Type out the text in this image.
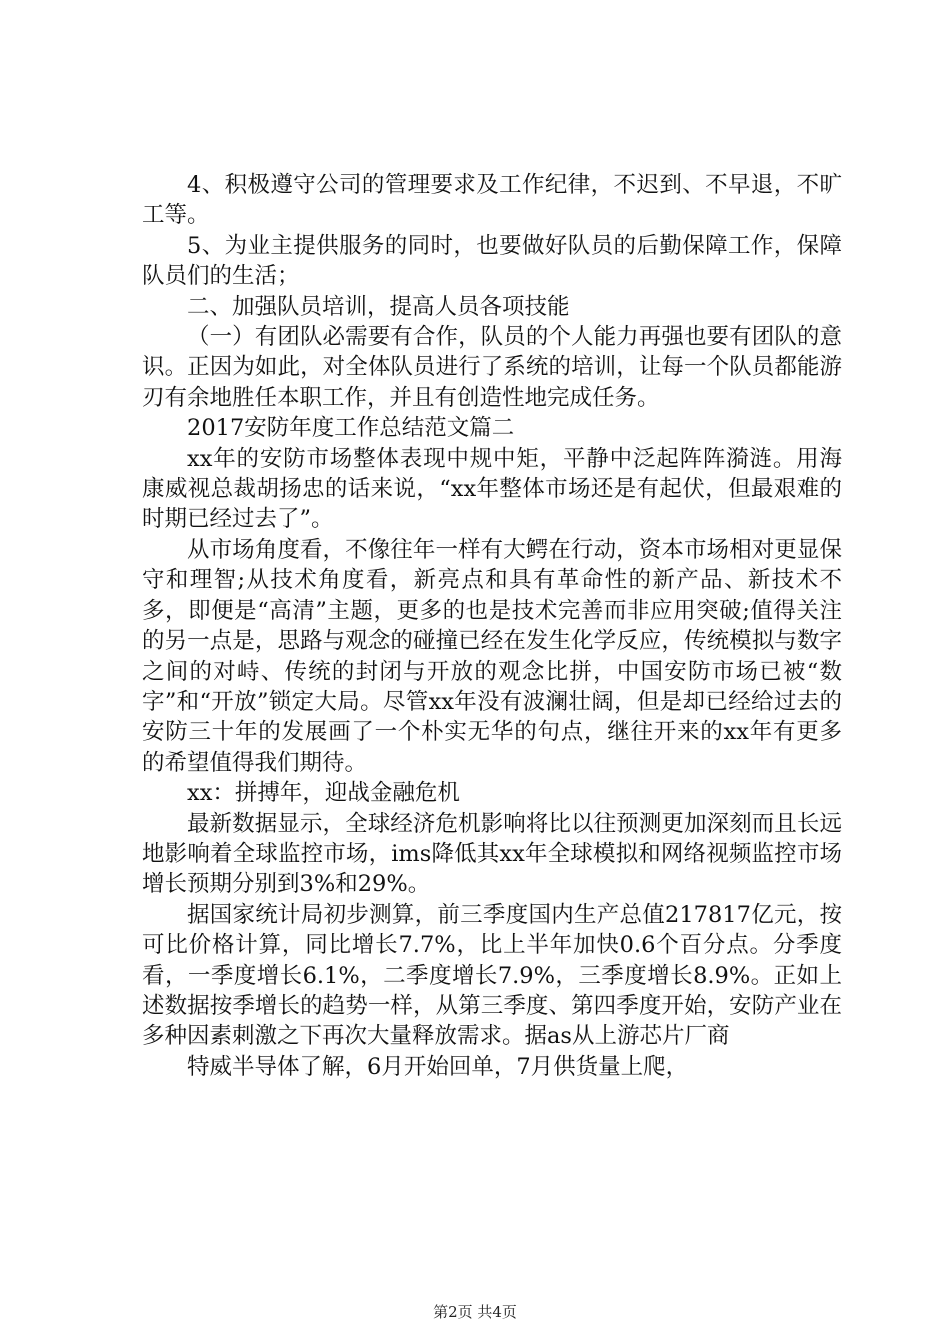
4、积极遵守公司的管理要求及工作纪律，不迟到、不早退，不旷工等。

5、为业主提供服务的同时，也要做好队员的后勤保障工作，保障队员们的生活；

二、加强队员培训，提高人员各项技能

（一）有团队必需要有合作，队员的个人能力再强也要有团队的意识。正因为如此，对全体队员进行了系统的培训，让每一个队员都能游刃有余地胜任本职工作，并且有创造性地完成任务。

2017安防年度工作总结范文篇二

xx年的安防市场整体表现中规中矩，平静中泛起阵阵漪涟。用海康威视总裁胡扬忠的话来说，“xx年整体市场还是有起伏，但最艰难的时期已经过去了”。

从市场角度看，不像往年一样有大鳄在行动，资本市场相对更显保守和理智;从技术角度看，新亮点和具有革命性的新产品、新技术不多，即便是“高清”主题，更多的也是技术完善而非应用突破;值得关注的另一点是，思路与观念的碰撞已经在发生化学反应，传统模拟与数字之间的对峙、传统的封闭与开放的观念比拼，中国安防市场已被“数字”和“开放”锁定大局。尽管xx年没有波澜壮阔，但是却已经给过去的安防三十年的发展画了一个朴实无华的句点，继往开来的xx年有更多的希望值得我们期待。

xx：拼搏年，迎战金融危机

最新数据显示，全球经济危机影响将比以往预测更加深刻而且长远地影响着全球监控市场，ims降低其xx年全球模拟和网络视频监控市场增长预期分别到3%和29%。

据国家统计局初步测算，前三季度国内生产总值217817亿元，按可比价格计算，同比增长7.7%，比上半年加快0.6个百分点。分季度看，一季度增长6.1%，二季度增长7.9%，三季度增长8.9%。正如上述数据按季增长的趋势一样，从第三季度、第四季度开始，安防产业在多种因素刺激之下再次大量释放需求。据as从上游芯片厂商

特威半导体了解，6月开始回单，7月供货量上爬，

第2页 共4页
